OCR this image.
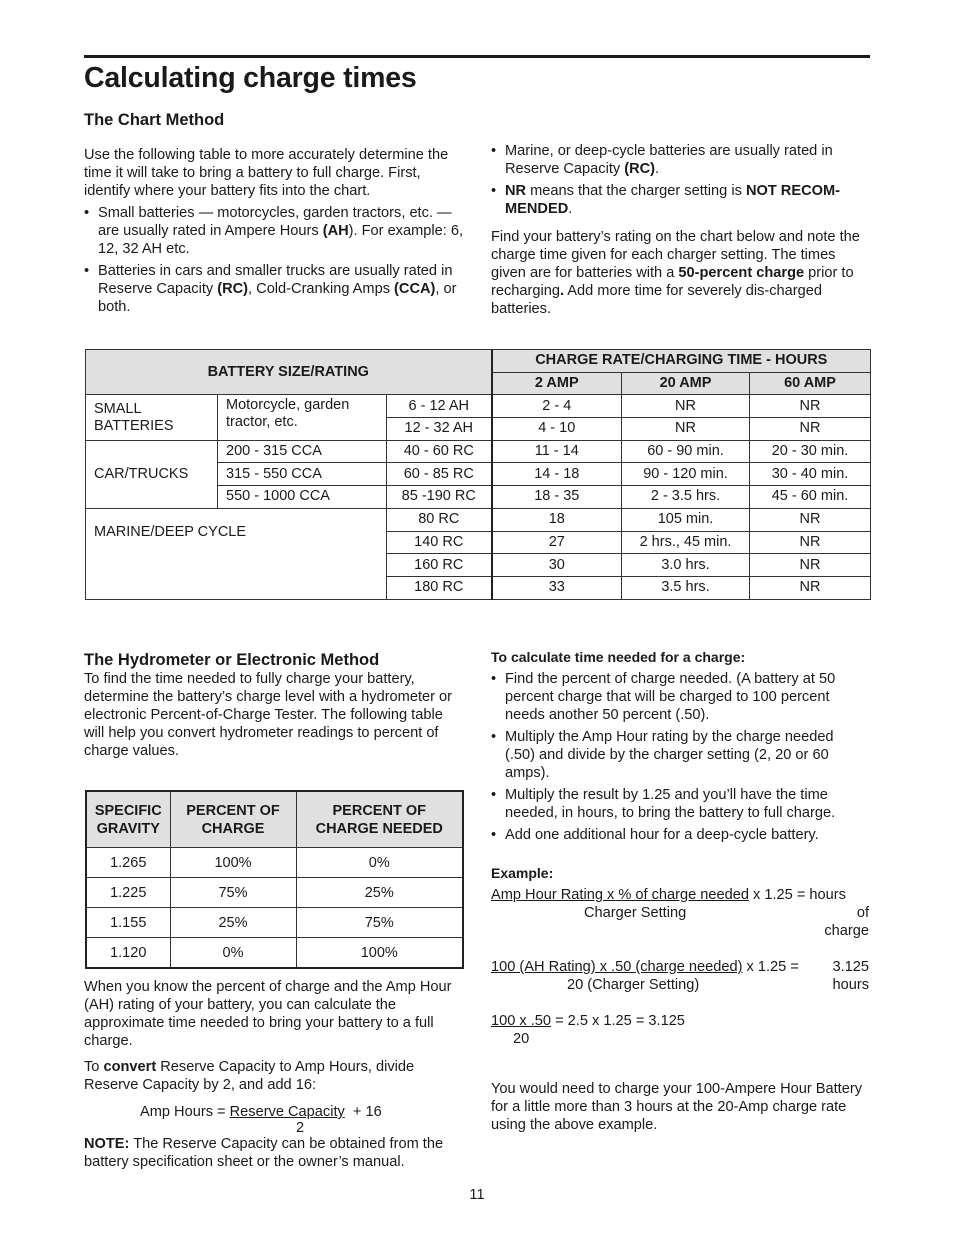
Calculating charge times
The Chart Method

Use the following table to more accurately determine the time it will take to bring a battery to full charge. First, identify where your battery fits into the chart.

• Small batteries — motorcycles, garden tractors, etc. — are usually rated in Ampere Hours (AH). For example: 6, 12, 32 AH etc.
• Batteries in cars and smaller trucks are usually rated in Reserve Capacity (RC), Cold-Cranking Amps (CCA), or both.
• Marine, or deep-cycle batteries are usually rated in Reserve Capacity (RC).
• NR means that the charger setting is NOT RECOM-MENDED.

Find your battery’s rating on the chart below and note the charge time given for each charger setting. The times given are for batteries with a 50-percent charge prior to recharging. Add more time for severely dis-charged batteries.

BATTERY SIZE/RATING			CHARGE RATE/CHARGING TIME - HOURS		
			2 AMP	20 AMP	60 AMP
SMALL BATTERIES	Motorcycle, garden tractor, etc.	6 - 12 AH	2 - 4	NR	NR
		12 - 32 AH	4 - 10	NR	NR
CAR/TRUCKS	200 - 315 CCA	40 - 60 RC	11 - 14	60 - 90 min.	20 - 30 min.
	315 - 550 CCA	60 - 85 RC	14 - 18	90 - 120 min.	30 - 40 min.
	550 - 1000 CCA	85 -190 RC	18 - 35	2 - 3.5 hrs.	45 - 60 min.
MARINE/DEEP CYCLE		80 RC	18	105 min.	NR
		140 RC	27	2 hrs., 45 min.	NR
		160 RC	30	3.0 hrs.	NR
		180 RC	33	3.5 hrs.	NR
The Hydrometer or Electronic Method

To find the time needed to fully charge your battery, determine the battery’s charge level with a hydrometer or electronic Percent-of-Charge Tester. The following table will help you convert hydrometer readings to percent of charge values.

SPECIFIC GRAVITY	PERCENT OF CHARGE	PERCENT OF CHARGE NEEDED
1.265	100%	0%
1.225	75%	25%
1.155	25%	75%
1.120	0%	100%

When you know the percent of charge and the Amp Hour (AH) rating of your battery, you can calculate the approximate time needed to bring your battery to a full charge.

To convert Reserve Capacity to Amp Hours, divide Reserve Capacity by 2, and add 16:

Amp Hours = Reserve Capacity  + 16
2

NOTE: The Reserve Capacity can be obtained from the battery specification sheet or the owner’s manual.

To calculate time needed for a charge:

• Find the percent of charge needed. (A battery at 50 percent charge that will be charged to 100 percent needs another 50 percent (.50).
• Multiply the Amp Hour rating by the charge needed (.50) and divide by the charger setting (2, 20 or 60 amps).
• Multiply the result by 1.25 and you’ll have the time needed, in hours, to bring the battery to full charge.
• Add one additional hour for a deep-cycle battery.

Example:

Amp Hour Rating x % of charge needed x 1.25 = hours
Charger Setting	of
charge
100 (AH Rating) x .50 (charge needed) x 1.25 = 3.125
20 (Charger Setting)	hours
100 x .50 = 2.5 x 1.25 = 3.125
20

You would need to charge your 100-Ampere Hour Battery for a little more than 3 hours at the 20-Amp charge rate using the above example.

11
